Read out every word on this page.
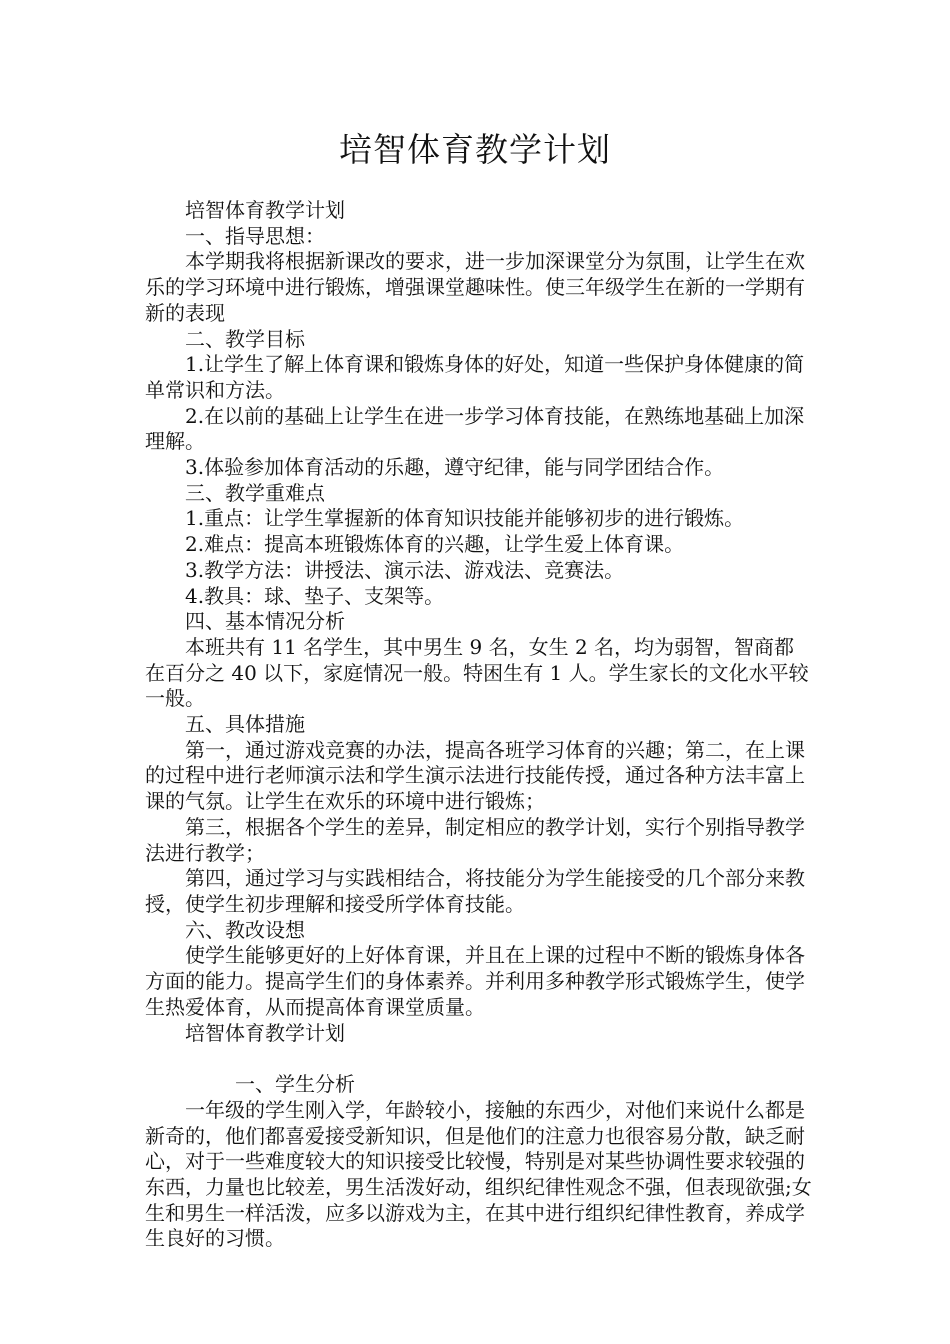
培智体育教学计划

培智体育教学计划

一、指导思想：

本学期我将根据新课改的要求，进一步加深课堂分为氛围，让学生在欢乐的学习环境中进行锻炼，增强课堂趣味性。使三年级学生在新的一学期有新的表现

二、教学目标

1.让学生了解上体育课和锻炼身体的好处，知道一些保护身体健康的简单常识和方法。

2.在以前的基础上让学生在进一步学习体育技能，在熟练地基础上加深理解。

3.体验参加体育活动的乐趣，遵守纪律，能与同学团结合作。

三、教学重难点

1.重点：让学生掌握新的体育知识技能并能够初步的进行锻炼。

2.难点：提高本班锻炼体育的兴趣，让学生爱上体育课。

3.教学方法：讲授法、演示法、游戏法、竞赛法。

4.教具：球、垫子、支架等。

四、基本情况分析

本班共有 11 名学生，其中男生 9 名，女生 2 名，均为弱智，智商都在百分之 40 以下，家庭情况一般。特困生有 1 人。学生家长的文化水平较一般。

五、具体措施

第一，通过游戏竞赛的办法，提高各班学习体育的兴趣；第二，在上课的过程中进行老师演示法和学生演示法进行技能传授，通过各种方法丰富上课的气氛。让学生在欢乐的环境中进行锻炼；

第三，根据各个学生的差异，制定相应的教学计划，实行个别指导教学法进行教学；

第四，通过学习与实践相结合，将技能分为学生能接受的几个部分来教授，使学生初步理解和接受所学体育技能。

六、教改设想

使学生能够更好的上好体育课，并且在上课的过程中不断的锻炼身体各方面的能力。提高学生们的身体素养。并利用多种教学形式锻炼学生，使学生热爱体育，从而提高体育课堂质量。

培智体育教学计划

一、学生分析

一年级的学生刚入学，年龄较小，接触的东西少，对他们来说什么都是新奇的，他们都喜爱接受新知识，但是他们的注意力也很容易分散，缺乏耐心，对于一些难度较大的知识接受比较慢，特别是对某些协调性要求较强的东西，力量也比较差，男生活泼好动，组织纪律性观念不强，但表现欲强;女生和男生一样活泼，应多以游戏为主，在其中进行组织纪律性教育，养成学生良好的习惯。
